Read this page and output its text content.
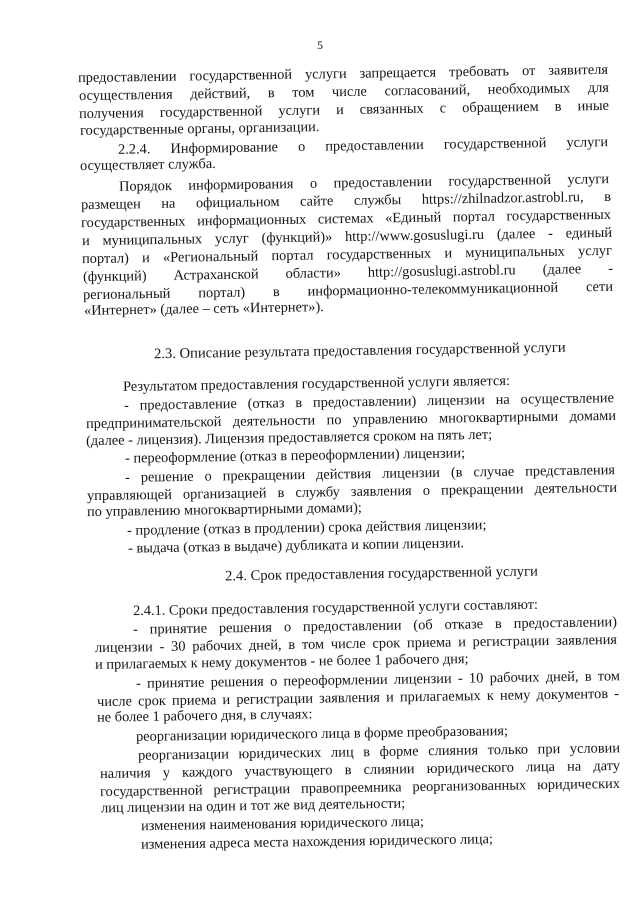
5
предоставлении государственной услуги запрещается требовать от заявителя
осуществления действий, в том числе согласований, необходимых для
получения государственной услуги и связанных с обращением в иные
государственные органы, организации.
2.2.4. Информирование о предоставлении государственной услуги
осуществляет служба.
Порядок информирования о предоставлении государственной услуги
размещен на официальном сайте службы https://zhilnadzor.astrobl.ru, в
государственных информационных системах «Единый портал государственных
и муниципальных услуг (функций)» http://www.gosuslugi.ru (далее - единый
портал) и «Региональный портал государственных и муниципальных услуг
(функций) Астраханской области» http://gosuslugi.astrobl.ru (далее -
региональный портал) в информационно-телекоммуникационной сети
«Интернет» (далее – сеть «Интернет»).
2.3. Описание результата предоставления государственной услуги
Результатом предоставления государственной услуги является:
- предоставление (отказ в предоставлении) лицензии на осуществление
предпринимательской деятельности по управлению многоквартирными домами
(далее - лицензия). Лицензия предоставляется сроком на пять лет;
- переоформление (отказ в переоформлении) лицензии;
- решение о прекращении действия лицензии (в случае представления
управляющей организацией в службу заявления о прекращении деятельности
по управлению многоквартирными домами);
- продление (отказ в продлении) срока действия лицензии;
- выдача (отказ в выдаче) дубликата и копии лицензии.
2.4. Срок предоставления государственной услуги
2.4.1. Сроки предоставления государственной услуги составляют:
- принятие решения о предоставлении (об отказе в предоставлении)
лицензии - 30 рабочих дней, в том числе срок приема и регистрации заявления
и прилагаемых к нему документов - не более 1 рабочего дня;
- принятие решения о переоформлении лицензии - 10 рабочих дней, в том
числе срок приема и регистрации заявления и прилагаемых к нему документов -
не более 1 рабочего дня, в случаях:
реорганизации юридического лица в форме преобразования;
реорганизации юридических лиц в форме слияния только при условии
наличия у каждого участвующего в слиянии юридического лица на дату
государственной регистрации правопреемника реорганизованных юридических
лиц лицензии на один и тот же вид деятельности;
изменения наименования юридического лица;
изменения адреса места нахождения юридического лица;
